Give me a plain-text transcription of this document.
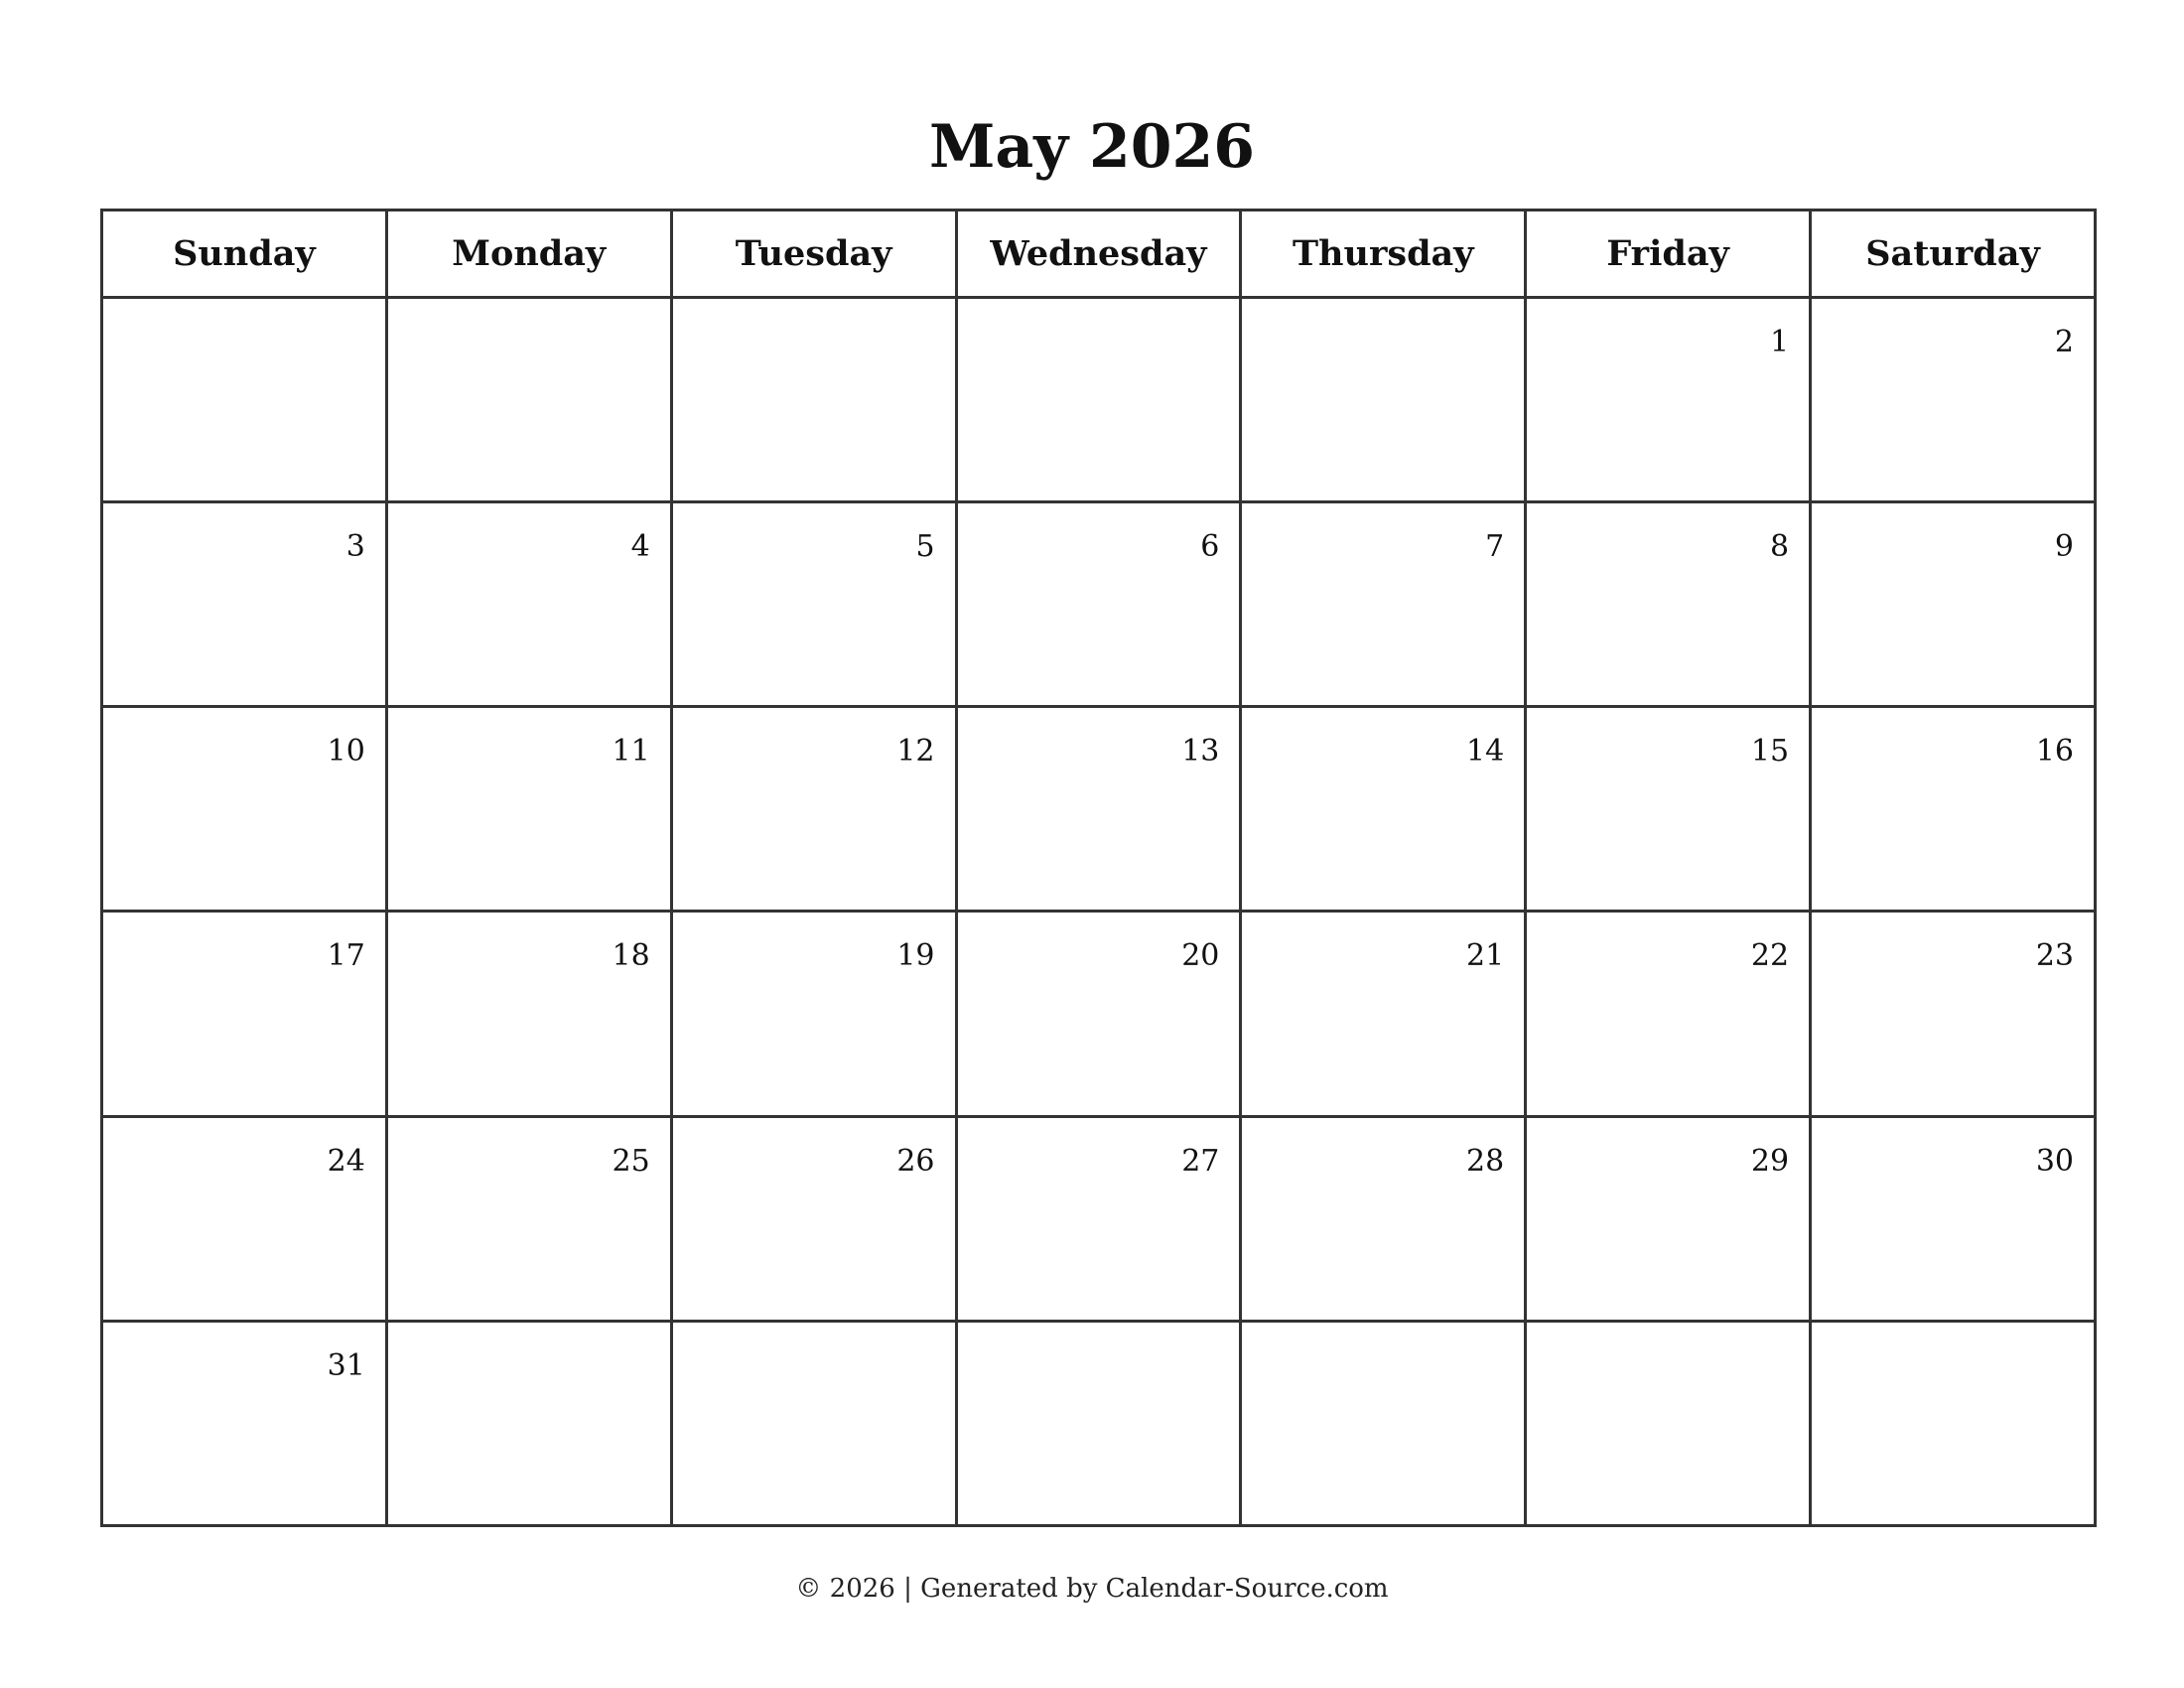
May 2026
Sunday	Monday	Tuesday	Wednesday	Thursday	Friday	Saturday

					1	2

3	4	5	6	7	8	9

10	11	12	13	14	15	16

17	18	19	20	21	22	23

24	25	26	27	28	29	30

31						

© 2026 | Generated by Calendar-Source.com
